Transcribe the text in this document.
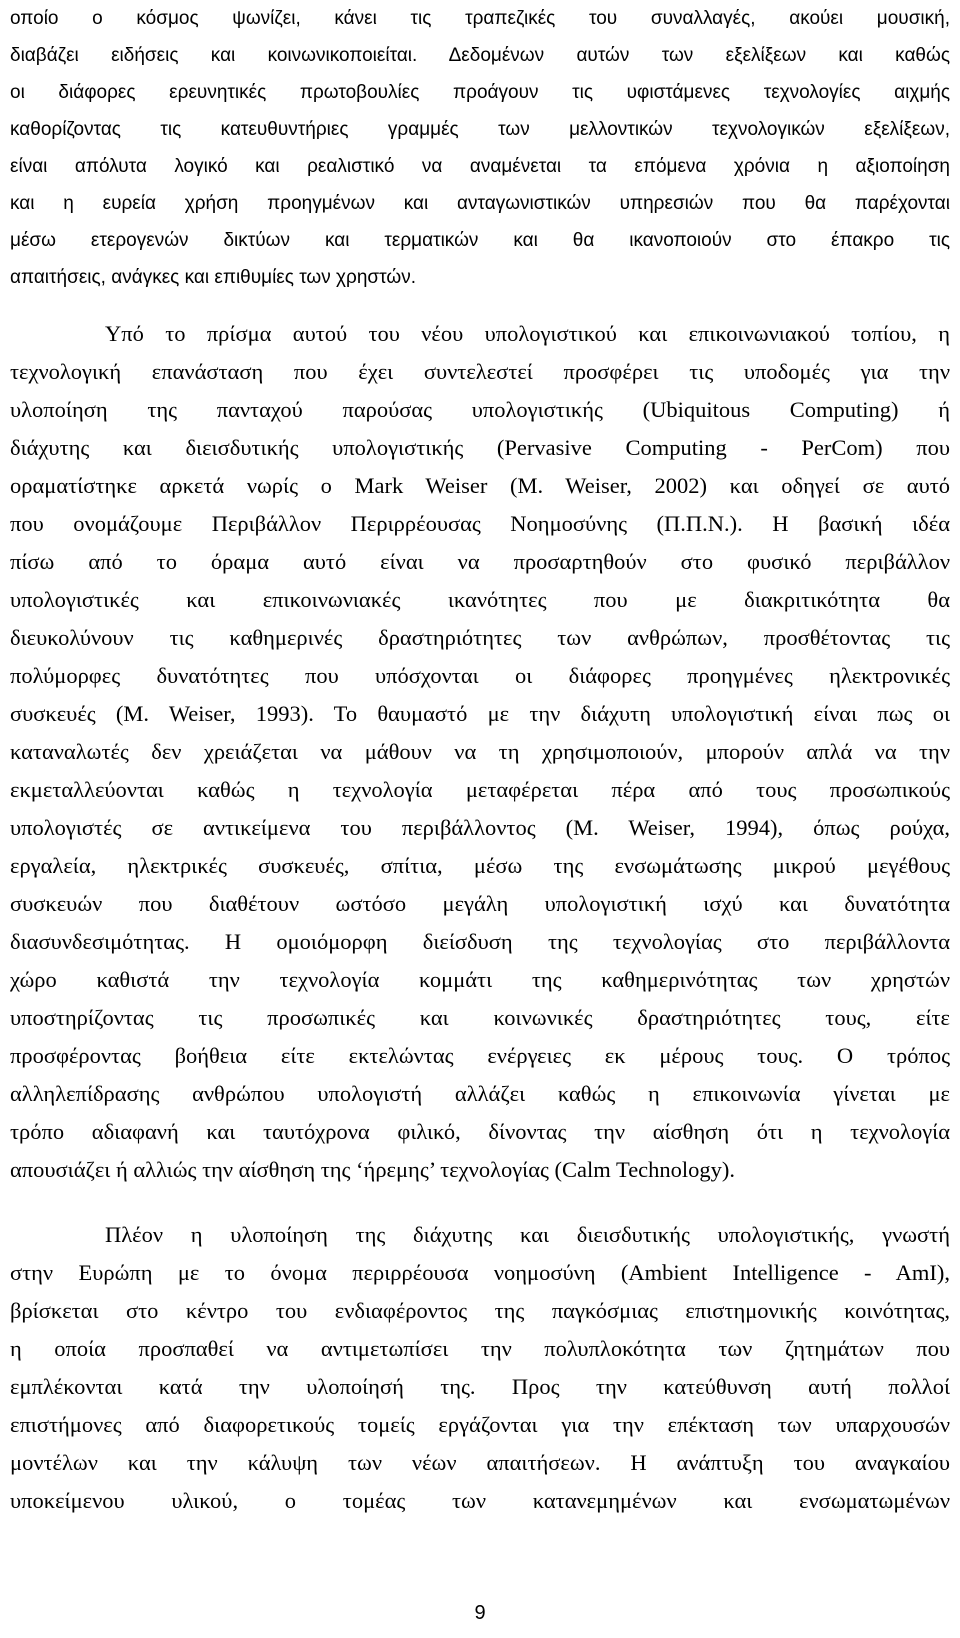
οποίο ο κόσμος ψωνίζει, κάνει τις τραπεζικές του συναλλαγές, ακούει μουσική,
διαβάζει ειδήσεις και κοινωνικοποιείται. Δεδομένων αυτών των εξελίξεων και καθώς
οι διάφορες ερευνητικές πρωτοβουλίες προάγουν τις υφιστάμενες τεχνολογίες αιχμής
καθορίζοντας τις κατευθυντήριες γραμμές των μελλοντικών τεχνολογικών εξελίξεων,
είναι απόλυτα λογικό και ρεαλιστικό να αναμένεται τα επόμενα χρόνια η αξιοποίηση
και η ευρεία χρήση προηγμένων και ανταγωνιστικών υπηρεσιών που θα παρέχονται
μέσω ετερογενών δικτύων και τερματικών και θα ικανοποιούν στο έπακρο τις
απαιτήσεις, ανάγκες και επιθυμίες των χρηστών.
Υπό το πρίσμα αυτού του νέου υπολογιστικού και επικοινωνιακού τοπίου, η
τεχνολογική επανάσταση που έχει συντελεστεί προσφέρει τις υποδομές για την
υλοποίηση της πανταχού παρούσας υπολογιστικής (Ubiquitous Computing) ή
διάχυτης και διεισδυτικής υπολογιστικής (Pervasive Computing - PerCom) που
οραματίστηκε αρκετά νωρίς ο Mark Weiser (M. Weiser, 2002) και οδηγεί σε αυτό
που ονομάζουμε Περιβάλλον Περιρρέουσας Νοημοσύνης (Π.Π.Ν.). Η βασική ιδέα
πίσω από το όραμα αυτό είναι να προσαρτηθούν στο φυσικό περιβάλλον
υπολογιστικές και επικοινωνιακές ικανότητες που με διακριτικότητα θα
διευκολύνουν τις καθημερινές δραστηριότητες των ανθρώπων, προσθέτοντας τις
πολύμορφες δυνατότητες που υπόσχονται οι διάφορες προηγμένες ηλεκτρονικές
συσκευές (M. Weiser, 1993). Το θαυμαστό με την διάχυτη υπολογιστική είναι πως οι
καταναλωτές δεν χρειάζεται να μάθουν να τη χρησιμοποιούν, μπορούν απλά να την
εκμεταλλεύονται καθώς η τεχνολογία μεταφέρεται πέρα από τους προσωπικούς
υπολογιστές σε αντικείμενα του περιβάλλοντος (M. Weiser, 1994), όπως ρούχα,
εργαλεία, ηλεκτρικές συσκευές, σπίτια, μέσω της ενσωμάτωσης μικρού μεγέθους
συσκευών που διαθέτουν ωστόσο μεγάλη υπολογιστική ισχύ και δυνατότητα
διασυνδεσιμότητας. Η ομοιόμορφη διείσδυση της τεχνολογίας στο περιβάλλοντα
χώρο καθιστά την τεχνολογία κομμάτι της καθημερινότητας των χρηστών
υποστηρίζοντας τις προσωπικές και κοινωνικές δραστηριότητες τους, είτε
προσφέροντας βοήθεια είτε εκτελώντας ενέργειες εκ μέρους τους. Ο τρόπος
αλληλεπίδρασης ανθρώπου υπολογιστή αλλάζει καθώς η επικοινωνία γίνεται με
τρόπο αδιαφανή και ταυτόχρονα φιλικό, δίνοντας την αίσθηση ότι η τεχνολογία
απουσιάζει ή αλλιώς την αίσθηση της ‘ήρεμης’ τεχνολογίας (Calm Technology).
Πλέον η υλοποίηση της διάχυτης και διεισδυτικής υπολογιστικής, γνωστή
στην Ευρώπη με το όνομα περιρρέουσα νοημοσύνη (Ambient Intelligence - AmI),
βρίσκεται στο κέντρο του ενδιαφέροντος της παγκόσμιας επιστημονικής κοινότητας,
η οποία προσπαθεί να αντιμετωπίσει την πολυπλοκότητα των ζητημάτων που
εμπλέκονται κατά την υλοποίησή της. Προς την κατεύθυνση αυτή πολλοί
επιστήμονες από διαφορετικούς τομείς εργάζονται για την επέκταση των υπαρχουσών
μοντέλων και την κάλυψη των νέων απαιτήσεων. Η ανάπτυξη του αναγκαίου
υποκείμενου υλικού, ο τομέας των κατανεμημένων και ενσωματωμένων
9
